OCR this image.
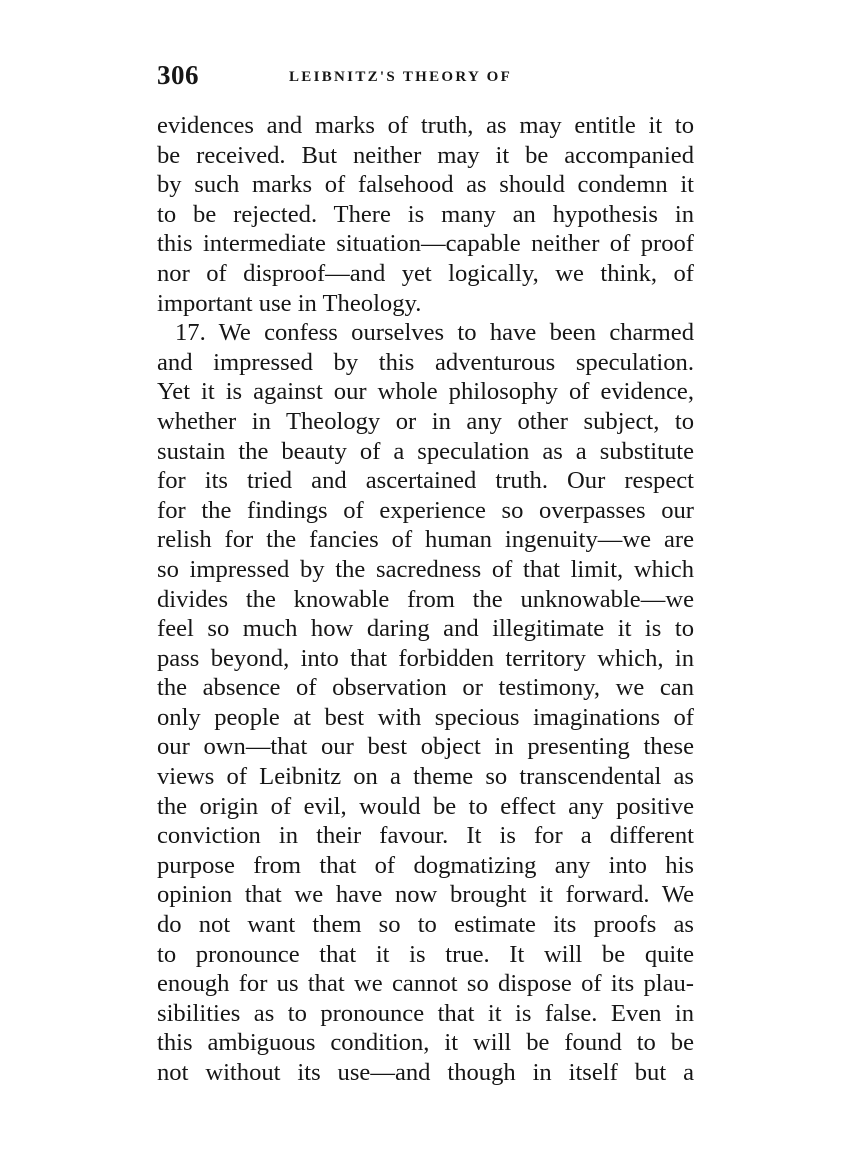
306	LEIBNITZ'S THEORY OF
evidences and marks of truth, as may entitle it to
be received. But neither may it be accompanied
by such marks of falsehood as should condemn it
to be rejected. There is many an hypothesis in
this intermediate situation—capable neither of proof
nor of disproof—and yet logically, we think, of
important use in Theology.
17. We confess ourselves to have been charmed
and impressed by this adventurous speculation.
Yet it is against our whole philosophy of evidence,
whether in Theology or in any other subject, to
sustain the beauty of a speculation as a substitute
for its tried and ascertained truth. Our respect
for the findings of experience so overpasses our
relish for the fancies of human ingenuity—we are
so impressed by the sacredness of that limit, which
divides the knowable from the unknowable—we
feel so much how daring and illegitimate it is to
pass beyond, into that forbidden territory which, in
the absence of observation or testimony, we can
only people at best with specious imaginations of
our own—that our best object in presenting these
views of Leibnitz on a theme so transcendental as
the origin of evil, would be to effect any positive
conviction in their favour. It is for a different
purpose from that of dogmatizing any into his
opinion that we have now brought it forward. We
do not want them so to estimate its proofs as
to pronounce that it is true. It will be quite
enough for us that we cannot so dispose of its plau-
sibilities as to pronounce that it is false. Even in
this ambiguous condition, it will be found to be
not without its use—and though in itself but a
